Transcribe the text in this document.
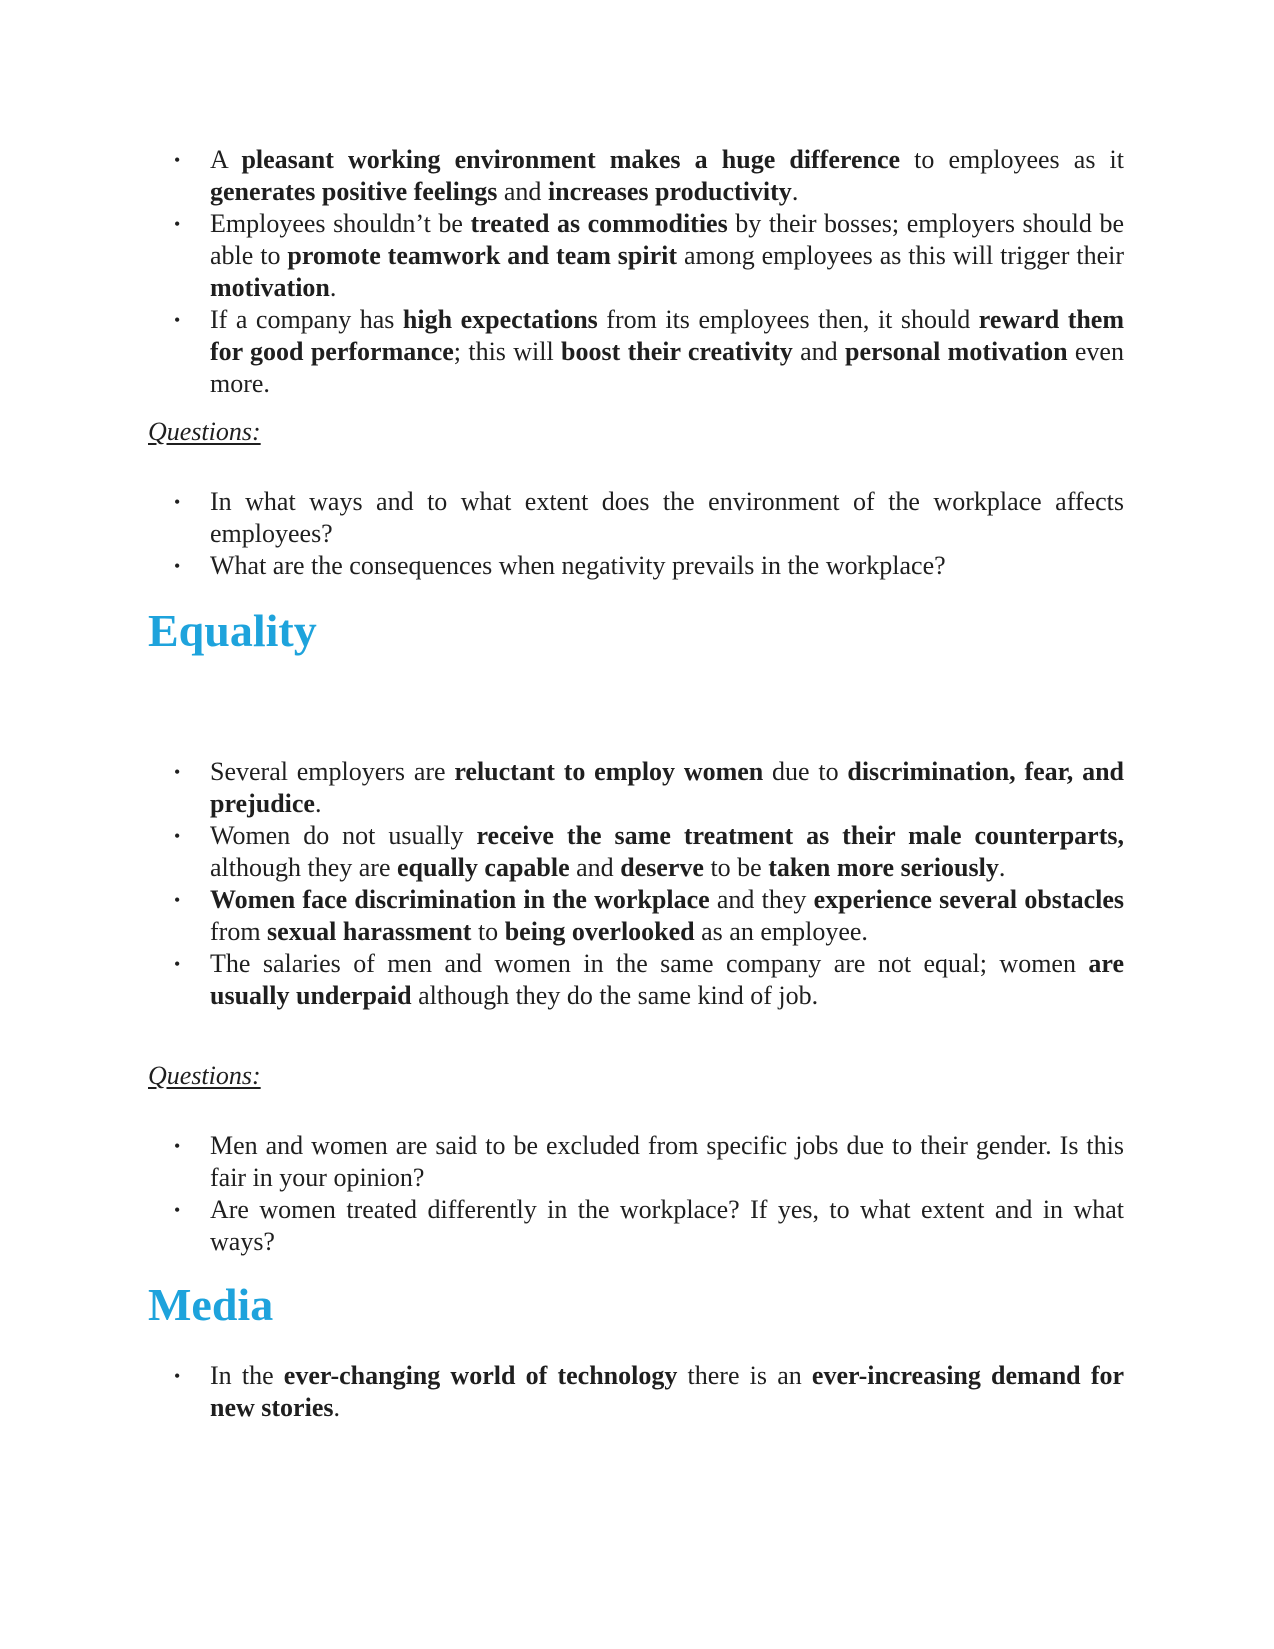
• A pleasant working environment makes a huge difference to employees as it generates positive feelings and increases productivity.
• Employees shouldn’t be treated as commodities by their bosses; employers should be able to promote teamwork and team spirit among employees as this will trigger their motivation.
• If a company has high expectations from its employees then, it should reward them for good performance; this will boost their creativity and personal motivation even more.
Questions:
• In what ways and to what extent does the environment of the workplace affects employees?
• What are the consequences when negativity prevails in the workplace?
Equality
• Several employers are reluctant to employ women due to discrimination, fear, and prejudice.
• Women do not usually receive the same treatment as their male counterparts, although they are equally capable and deserve to be taken more seriously.
• Women face discrimination in the workplace and they experience several obstacles from sexual harassment to being overlooked as an employee.
• The salaries of men and women in the same company are not equal; women are usually underpaid although they do the same kind of job.
Questions:
• Men and women are said to be excluded from specific jobs due to their gender. Is this fair in your opinion?
• Are women treated differently in the workplace? If yes, to what extent and in what ways?
Media
• In the ever-changing world of technology there is an ever-increasing demand for new stories.
